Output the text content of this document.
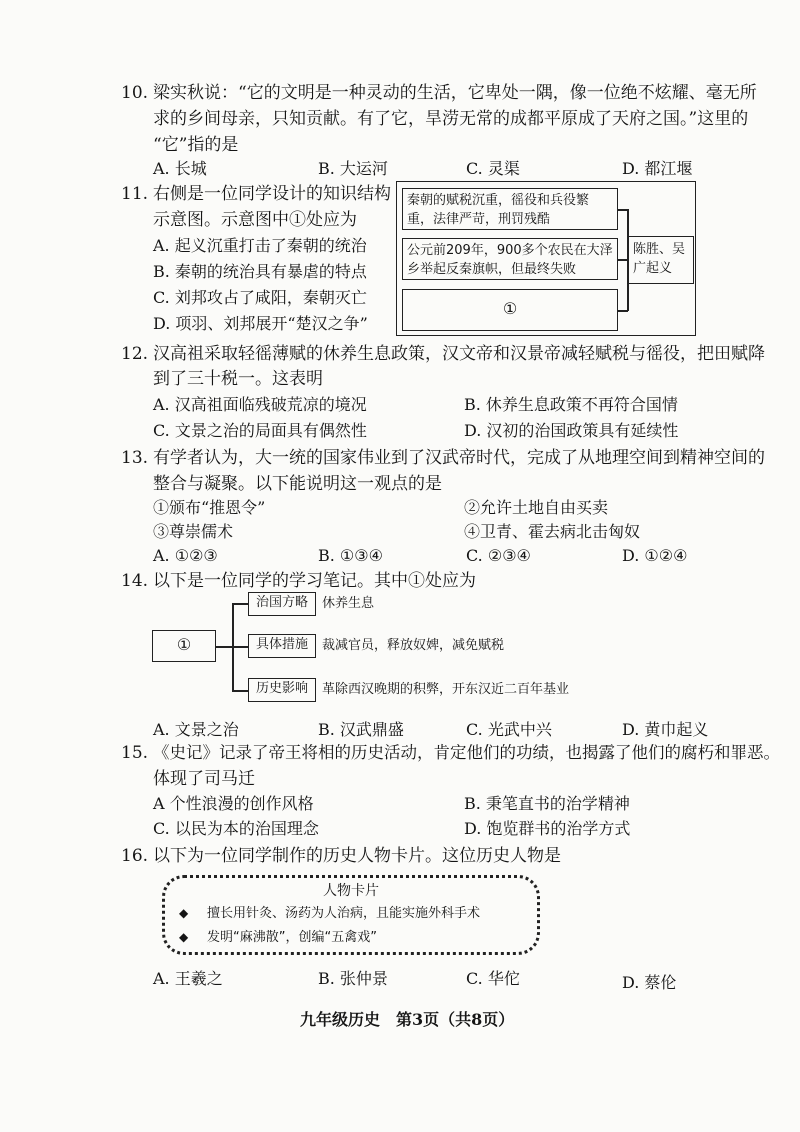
10. 梁实秋说：“它的文明是一种灵动的生活，它卑处一隅，像一位绝不炫耀、毫无所
求的乡间母亲，只知贡献。有了它，旱涝无常的成都平原成了天府之国。”这里的
“它”指的是
A. 长城	B. 大运河	C. 灵渠	D. 都江堰
11. 右侧是一位同学设计的知识结构
示意图。示意图中①处应为
A. 起义沉重打击了秦朝的统治
B. 秦朝的统治具有暴虐的特点
C. 刘邦攻占了咸阳，秦朝灭亡
D. 项羽、刘邦展开“楚汉之争”
秦朝的赋税沉重，徭役和兵役繁重，法律严苛，刑罚残酷
公元前209年，900多个农民在大泽乡举起反秦旗帜，但最终失败
①
陈胜、吴广起义
12. 汉高祖采取轻徭薄赋的休养生息政策，汉文帝和汉景帝减轻赋税与徭役，把田赋降
到了三十税一。这表明
A. 汉高祖面临残破荒凉的境况	B. 休养生息政策不再符合国情
C. 文景之治的局面具有偶然性	D. 汉初的治国政策具有延续性
13. 有学者认为，大一统的国家伟业到了汉武帝时代，完成了从地理空间到精神空间的
整合与凝聚。以下能说明这一观点的是
①颁布“推恩令”	②允许土地自由买卖
③尊崇儒术	④卫青、霍去病北击匈奴
A. ①②③	B. ①③④	C. ②③④	D. ①②④
14. 以下是一位同学的学习笔记。其中①处应为
①
治国方略	休养生息
具体措施	裁减官员，释放奴婢，减免赋税
历史影响	革除西汉晚期的积弊，开东汉近二百年基业
A. 文景之治	B. 汉武鼎盛	C. 光武中兴	D. 黄巾起义
15. 《史记》记录了帝王将相的历史活动，肯定他们的功绩，也揭露了他们的腐朽和罪恶。
体现了司马迁
A 个性浪漫的创作风格	B. 秉笔直书的治学精神
C. 以民为本的治国理念	D. 饱览群书的治学方式
16. 以下为一位同学制作的历史人物卡片。这位历史人物是
人物卡片
◆ 擅长用针灸、汤药为人治病，且能实施外科手术
◆ 发明“麻沸散”，创编“五禽戏”
A. 王羲之	B. 张仲景	C. 华佗	D. 蔡伦
九年级历史　第3页（共8页）
